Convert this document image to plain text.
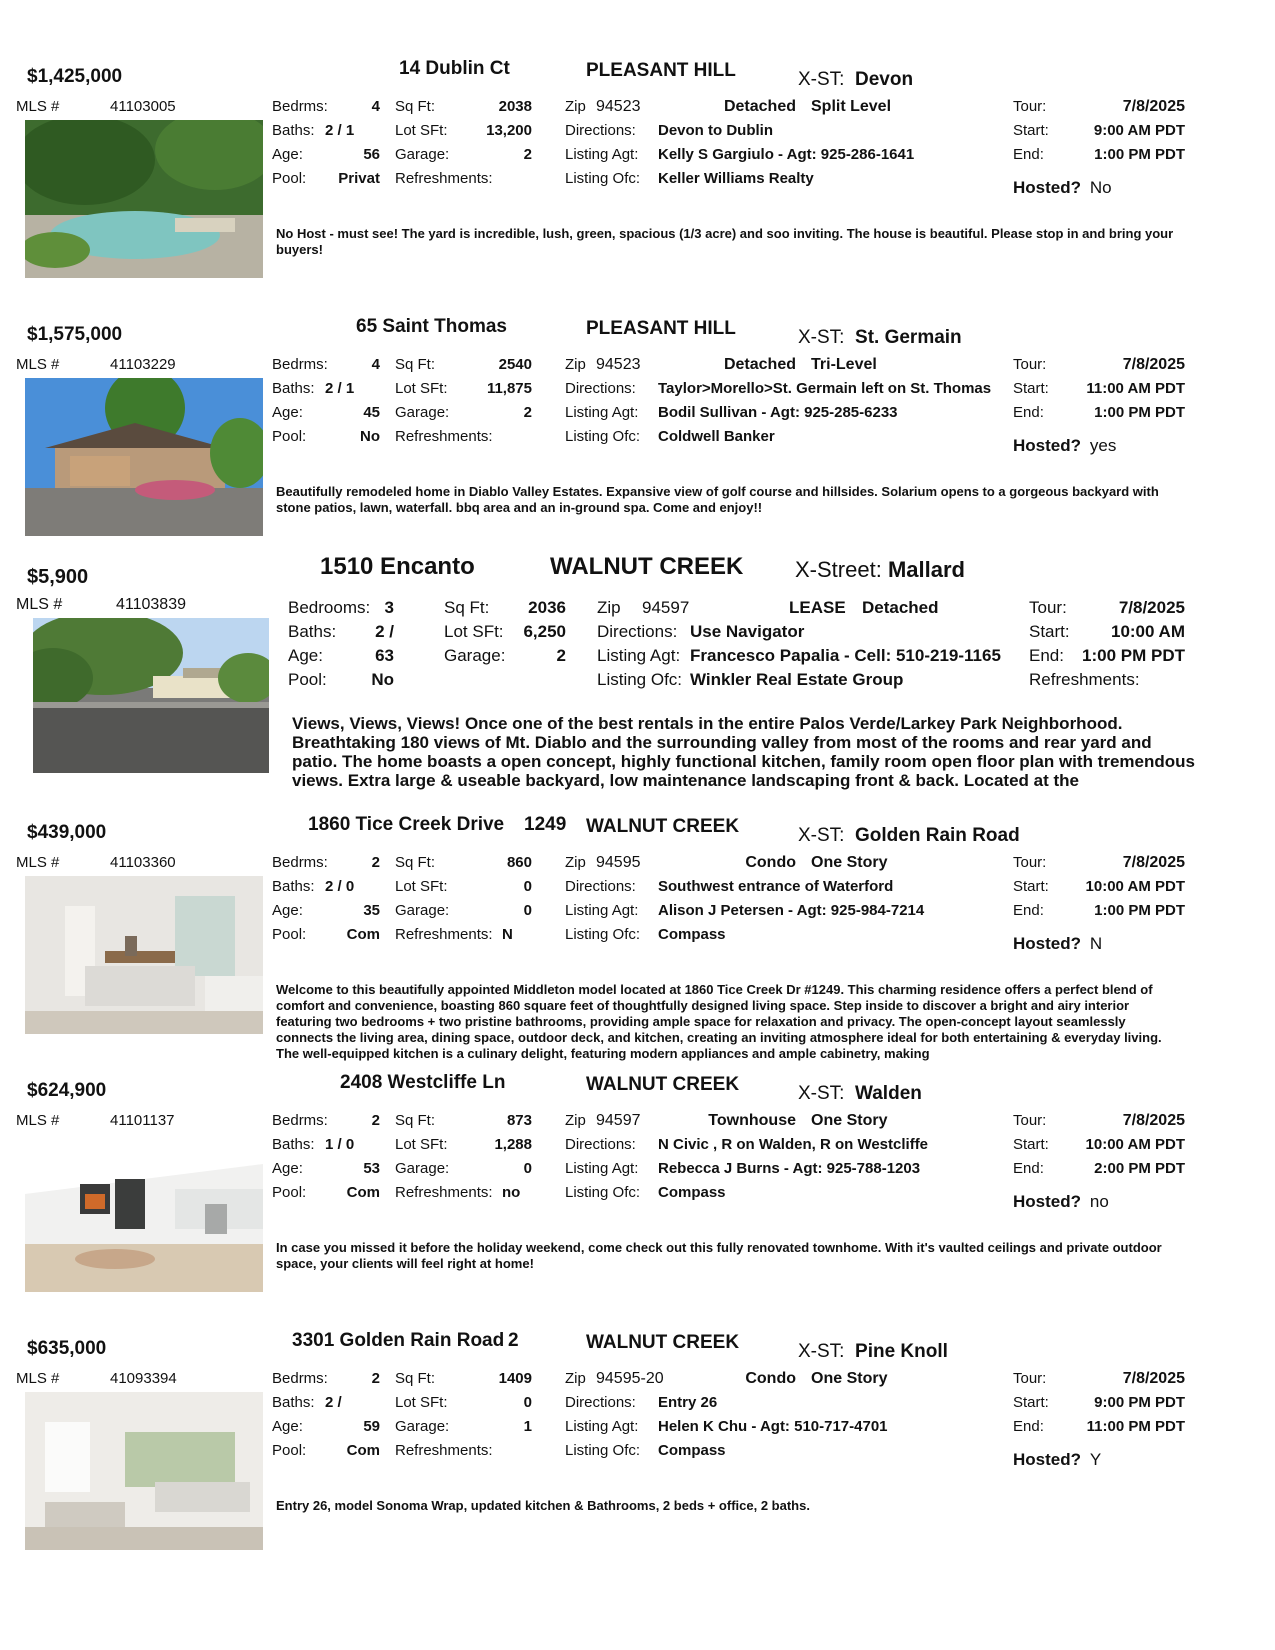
$1,425,000
MLS #	41103005
14 Dublin Ct	PLEASANT HILL	X-ST: Devon
Bedrms:	4
Baths: 2 / 1
Age:	56
Pool:	Privat
Sq Ft:	2038
Lot SFt:	13,200
Garage:	2
Refreshments:
Zip 94523	Detached Split Level
Directions: Devon to Dublin
Listing Agt: Kelly S Gargiulo - Agt: 925-286-1641
Listing Ofc: Keller Williams Realty
Tour:	7/8/2025
Start:	9:00 AM PDT
End:	1:00 PM PDT
Hosted? No
No Host - must see! The yard is incredible, lush, green, spacious (1/3 acre) and soo inviting. The house is beautiful. Please stop in and bring your buyers!
$1,575,000
MLS #	41103229
65 Saint Thomas	PLEASANT HILL	X-ST: St. Germain
Bedrms:	4
Baths: 2 / 1
Age:	45
Pool:	No
Sq Ft:	2540
Lot SFt:	11,875
Garage:	2
Refreshments:
Zip 94523	Detached Tri-Level
Directions: Taylor>Morello>St. Germain left on St. Thomas
Listing Agt: Bodil Sullivan - Agt: 925-285-6233
Listing Ofc: Coldwell Banker
Tour:	7/8/2025
Start:	11:00 AM PDT
End:	1:00 PM PDT
Hosted? yes
Beautifully remodeled home in Diablo Valley Estates. Expansive view of golf course and hillsides. Solarium opens to a gorgeous backyard with stone patios, lawn, waterfall. bbq area and an in-ground spa. Come and enjoy!!
$439,000
MLS #	41103360
1860 Tice Creek Drive 1249 WALNUT CREEK	X-ST: Golden Rain Road
Bedrms:	2
Baths: 2 / 0
Age:	35
Pool:	Com
Sq Ft:	860
Lot SFt:	0
Garage:	0
Refreshments: N
Zip 94595	Condo One Story
Directions: Southwest entrance of Waterford
Listing Agt: Alison J Petersen - Agt: 925-984-7214
Listing Ofc: Compass
Tour:	7/8/2025
Start:	10:00 AM PDT
End:	1:00 PM PDT
Hosted? N
Welcome to this beautifully appointed Middleton model located at 1860 Tice Creek Dr #1249. This charming residence offers a perfect blend of comfort and convenience, boasting 860 square feet of thoughtfully designed living space. Step inside to discover a bright and airy interior featuring two bedrooms + two pristine bathrooms, providing ample space for relaxation and privacy. The open-concept layout seamlessly connects the living area, dining space, outdoor deck, and kitchen, creating an inviting atmosphere ideal for both entertaining & everyday living. The well-equipped kitchen is a culinary delight, featuring modern appliances and ample cabinetry, making
$624,900
MLS #	41101137
2408 Westcliffe Ln	WALNUT CREEK	X-ST: Walden
Bedrms:	2
Baths: 1 / 0
Age:	53
Pool:	Com
Sq Ft:	873
Lot SFt:	1,288
Garage:	0
Refreshments: no
Zip 94597	Townhouse One Story
Directions: N Civic , R on Walden, R on Westcliffe
Listing Agt: Rebecca J Burns - Agt: 925-788-1203
Listing Ofc: Compass
Tour:	7/8/2025
Start:	10:00 AM PDT
End:	2:00 PM PDT
Hosted? no
In case you missed it before the holiday weekend, come check out this fully renovated townhome. With it's vaulted ceilings and private outdoor space, your clients will feel right at home!
$635,000
MLS #	41093394
3301 Golden Rain Road 2	WALNUT CREEK	X-ST: Pine Knoll
Bedrms:	2
Baths: 2 /
Age:	59
Pool:	Com
Sq Ft:	1409
Lot SFt:	0
Garage:	1
Refreshments:
Zip 94595-20	Condo One Story
Directions: Entry 26
Listing Agt: Helen K Chu - Agt: 510-717-4701
Listing Ofc: Compass
Tour:	7/8/2025
Start:	9:00 PM PDT
End:	11:00 PM PDT
Hosted? Y
Entry 26, model Sonoma Wrap, updated kitchen & Bathrooms, 2 beds + office, 2 baths.
$5,900
MLS #	41103839
1510 Encanto	WALNUT CREEK X-Street: Mallard
Bedrooms: 3
Baths:	2 /
Age:	63
Pool:	No
Sq Ft:	2036
Lot SFt:	6,250
Garage:	2
Zip 94597	LEASE Detached
Directions: Use Navigator
Listing Agt: Francesco Papalia - Cell: 510-219-1165
Listing Ofc: Winkler Real Estate Group
Tour:	7/8/2025
Start:	10:00 AM
End:	1:00 PM PDT
Refreshments:
Views, Views, Views! Once one of the best rentals in the entire Palos Verde/Larkey Park Neighborhood. Breathtaking 180 views of Mt. Diablo and the surrounding valley from most of the rooms and rear yard and patio. The home boasts a open concept, highly functional kitchen, family room open floor plan with tremendous views. Extra large & useable backyard, low maintenance landscaping front & back. Located at the
